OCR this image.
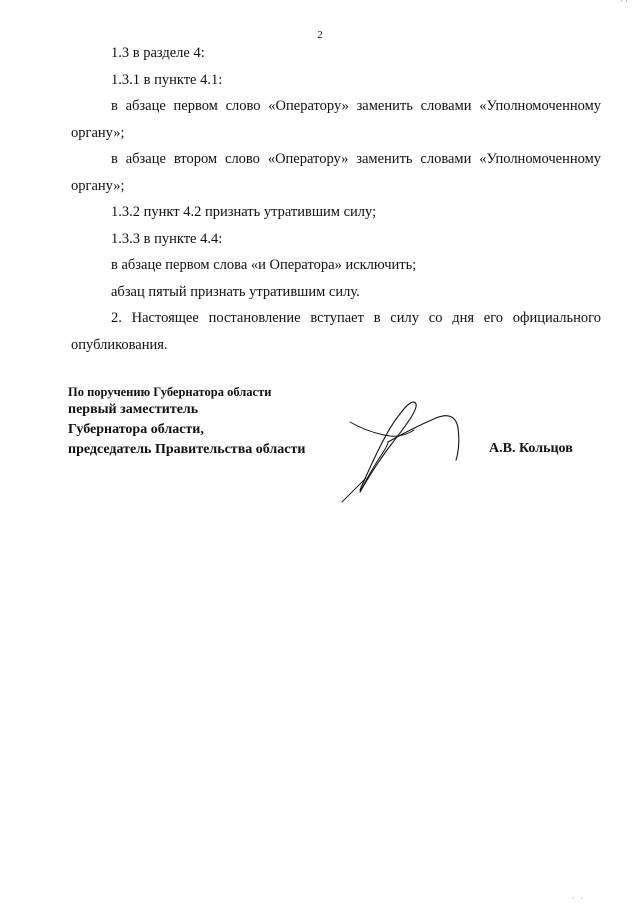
· ·
2

1.3 в разделе 4:

1.3.1 в пункте 4.1:

в абзаце первом слово «Оператору» заменить словами «Уполномоченному органу»;

в абзаце втором слово «Оператору» заменить словами «Уполномоченному органу»;

1.3.2 пункт 4.2 признать утратившим силу;

1.3.3 в пункте 4.4:

в абзаце первом слова «и Оператора» исключить;

абзац пятый признать утратившим силу.

2. Настоящее постановление вступает в силу со дня его официального опубликования.

По поручению Губернатора области
первый заместитель
Губернатора области,
председатель Правительства области	А.В. Кольцов
· ·
